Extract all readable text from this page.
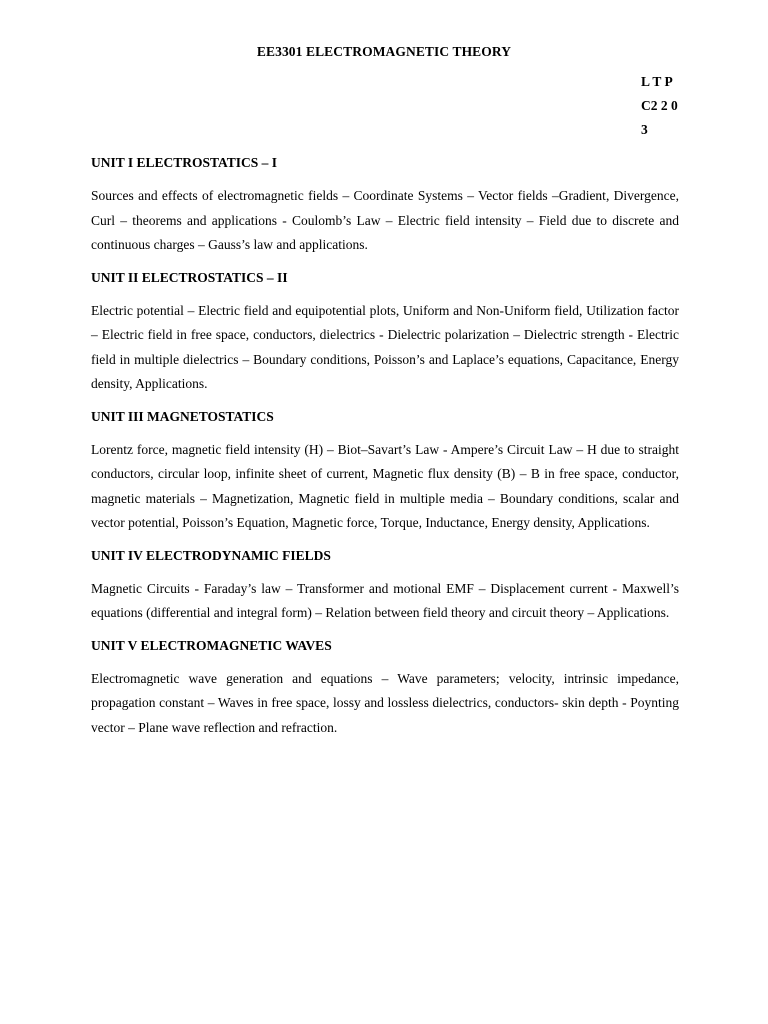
EE3301 ELECTROMAGNETIC THEORY
L T P
C2 2 0
3
UNIT I ELECTROSTATICS – I

Sources and effects of electromagnetic fields – Coordinate Systems – Vector fields –Gradient, Divergence, Curl – theorems and applications - Coulomb’s Law – Electric field intensity – Field due to discrete and continuous charges – Gauss’s law and applications.

UNIT II ELECTROSTATICS – II

Electric potential – Electric field and equipotential plots, Uniform and Non-Uniform field, Utilization factor – Electric field in free space, conductors, dielectrics - Dielectric polarization – Dielectric strength - Electric field in multiple dielectrics – Boundary conditions, Poisson’s and Laplace’s equations, Capacitance, Energy density, Applications.

UNIT III MAGNETOSTATICS

Lorentz force, magnetic field intensity (H) – Biot–Savart’s Law - Ampere’s Circuit Law – H due to straight conductors, circular loop, infinite sheet of current, Magnetic flux density (B) – B in free space, conductor, magnetic materials – Magnetization, Magnetic field in multiple media – Boundary conditions, scalar and vector potential, Poisson’s Equation, Magnetic force, Torque, Inductance, Energy density, Applications.

UNIT IV ELECTRODYNAMIC FIELDS

Magnetic Circuits - Faraday’s law – Transformer and motional EMF – Displacement current - Maxwell’s equations (differential and integral form) – Relation between field theory and circuit theory – Applications.

UNIT V ELECTROMAGNETIC WAVES

Electromagnetic wave generation and equations – Wave parameters; velocity, intrinsic impedance, propagation constant – Waves in free space, lossy and lossless dielectrics, conductors- skin depth - Poynting vector – Plane wave reflection and refraction.
